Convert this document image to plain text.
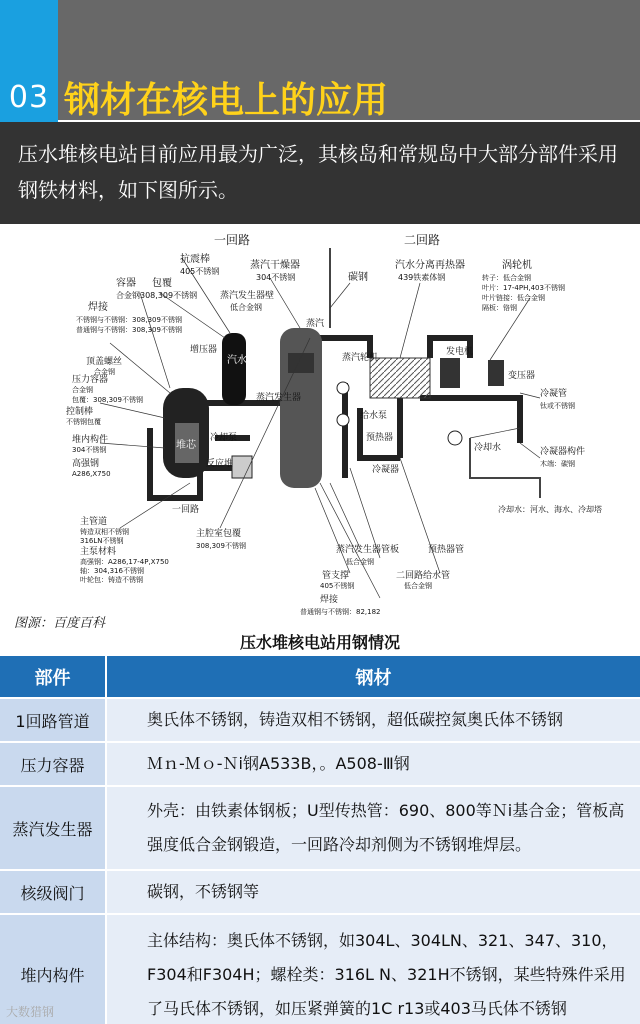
03 钢材在核电上的应用
压水堆核电站目前应用最为广泛，其核岛和常规岛中大部分部件采用钢铁材料，如下图所示。
堆芯
汽水
一回路	二回路
抗震棒
405不锈钢
蒸汽干燥器
304不锈钢	碳钢
汽水分离再热器
439铁素体钢
涡轮机
转子：低合金钢
叶片：17-4PH,403不锈钢
叶片链接：低合金钢
隔板：铬钢
容器
合金钢
包覆
308,309不锈钢	蒸汽发生器壁
低合金钢
蒸汽
焊接
不锈钢与不锈钢：308,309不锈钢
普通钢与不锈钢：308,309不锈钢
增压器
蒸汽轮机
发电机
变压器
顶盖螺丝
合金钢
压力容器
合金钢
包覆：308,309不锈钢
控制棒
不锈钢包覆
蒸汽发生器
给水泵
冷凝管
钛或不锈钢
堆内构件
304不锈钢
冷却泵	预热器
冷却水
高强钢
A286,X750
反应堆
冷凝器
冷凝器构件
木端：碳钢
一回路	冷却水：河水、海水、冷却塔
主管道
铸造双相不锈钢
316LN不锈钢
主泵材料
高强钢：A286,17-4P,X750
轴：304,316不锈钢
叶轮包：铸造不锈钢
主腔室包覆
308,309不锈钢	蒸汽发生器管板
低合金钢
预热器管
管支撑
405不锈钢
二回路给水管
低合金钢
焊接
普通钢与不锈钢：82,182
图源：百度百科
压水堆核电站用钢情况
部件	钢材
1回路管道	奥氏体不锈钢，铸造双相不锈钢，超低碳控氮奥氏体不锈钢
压力容器	Ｍｎ-Ｍｏ-Ｎi钢A533B，。A508-Ⅲ钢
蒸汽发生器	外壳：由铁素体钢板；U型传热管：690、800等Ｎi基合金；管板高强度低合金钢锻造，一回路冷却剂侧为不锈钢堆焊层。
核级阀门	碳钢，不锈钢等
堆内构件	主体结构：奥氏体不锈钢，如304L、304LN、321、347、310，F304和F304H；螺栓类：316L N、321H不锈钢，某些特殊件采用了马氏体不锈钢，如压紧弹簧的1C r13或403马氏体不锈钢
大数猎钢
